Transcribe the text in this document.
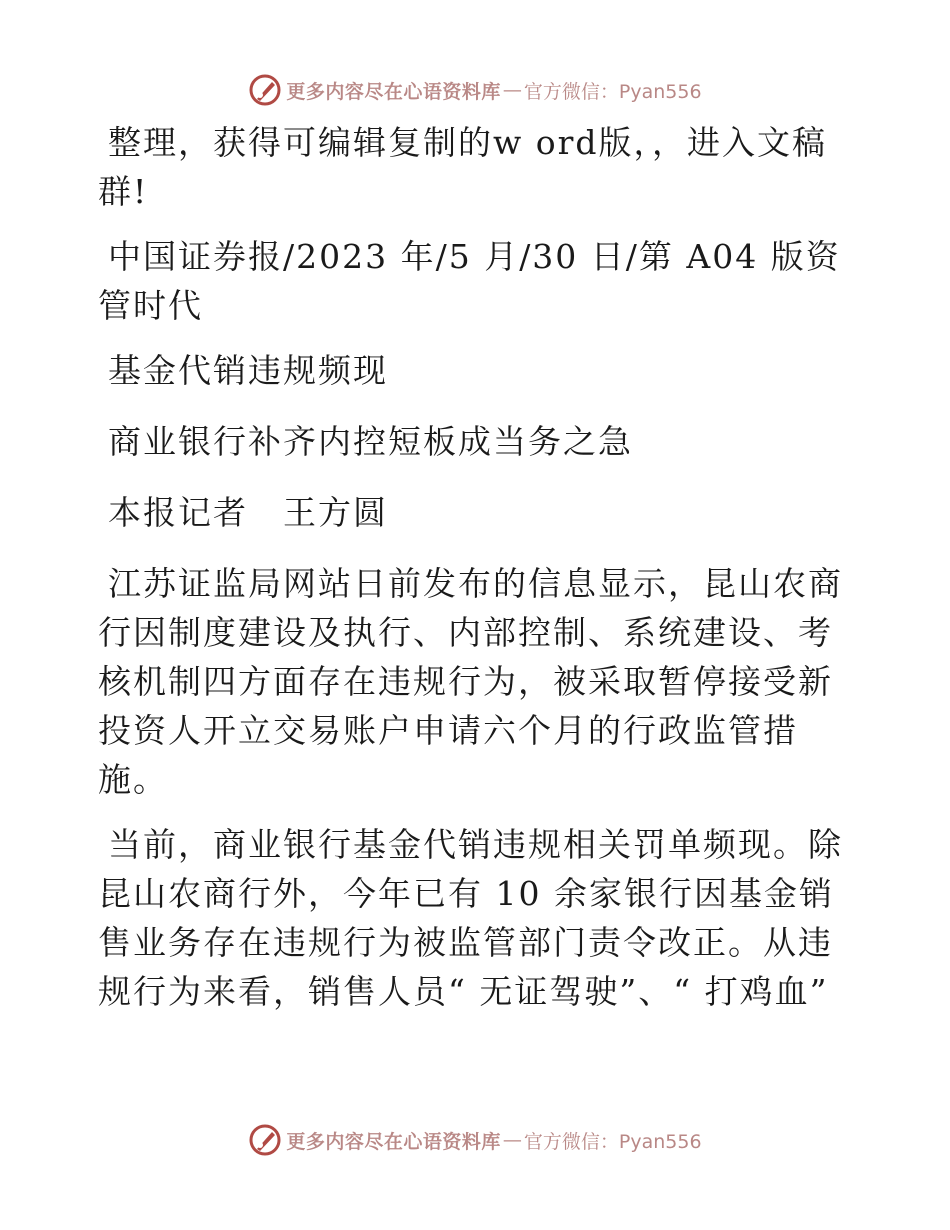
更多内容尽在心语资料库 — 官方微信：Pyan556

整理，获得可编辑复制的w ord版，，进入文稿群!

中国证券报/2023 年/5 月/30 日/第 A04 版资管时代

基金代销违规频现

商业银行补齐内控短板成当务之急

本报记者　王方圆

江苏证监局网站日前发布的信息显示，昆山农商行因制度建设及执行、内部控制、系统建设、考核机制四方面存在违规行为，被采取暂停接受新投资人开立交易账户申请六个月的行政监管措施。

当前，商业银行基金代销违规相关罚单频现。除昆山农商行外，今年已有 10 余家银行因基金销售业务存在违规行为被监管部门责令改正。从违规行为来看，销售人员“ 无证驾驶”、“ 打鸡血”

更多内容尽在心语资料库 — 官方微信：Pyan556
